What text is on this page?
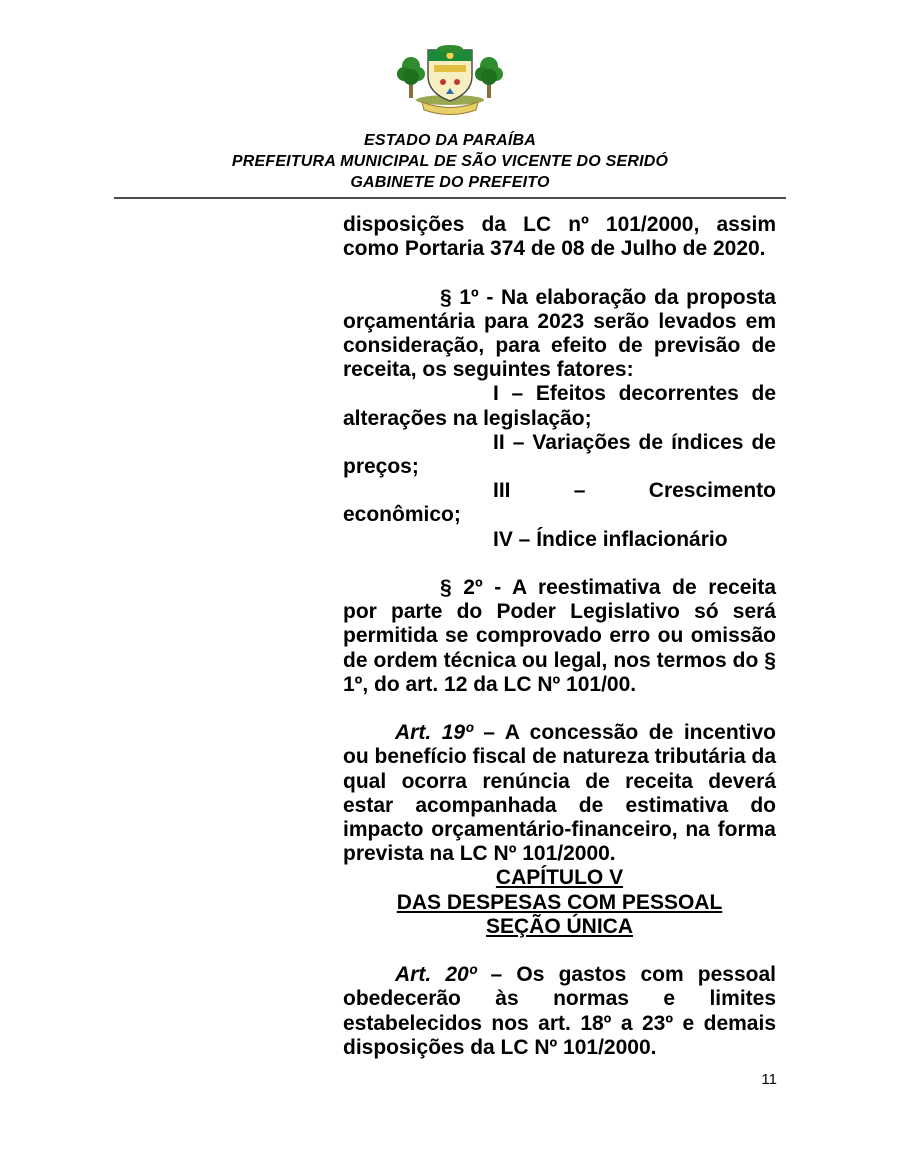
ESTADO DA PARAÍBA
PREFEITURA MUNICIPAL DE SÃO VICENTE DO SERIDÓ
GABINETE DO PREFEITO

disposições da LC nº 101/2000, assim como Portaria 374 de 08 de Julho de 2020.

§ 1º - Na elaboração da proposta orçamentária para 2023 serão levados em consideração, para efeito de previsão de receita, os seguintes fatores:

I – Efeitos decorrentes de alterações na legislação;

II – Variações de índices de preços;

III – Crescimento
econômico;

IV – Índice inflacionário

§ 2º - A reestimativa de receita por parte do Poder Legislativo só será permitida se comprovado erro ou omissão de ordem técnica ou legal, nos termos do § 1º, do art. 12 da LC Nº 101/00.

Art. 19º – A concessão de incentivo ou benefício fiscal de natureza tributária da qual ocorra renúncia de receita deverá estar acompanhada de estimativa do impacto orçamentário-financeiro, na forma prevista na LC Nº 101/2000.

CAPÍTULO V

DAS DESPESAS COM PESSOAL

SEÇÃO ÚNICA

Art. 20º – Os gastos com pessoal obedecerão às normas e limites estabelecidos nos art. 18º a 23º e demais disposições da LC Nº 101/2000.

11
